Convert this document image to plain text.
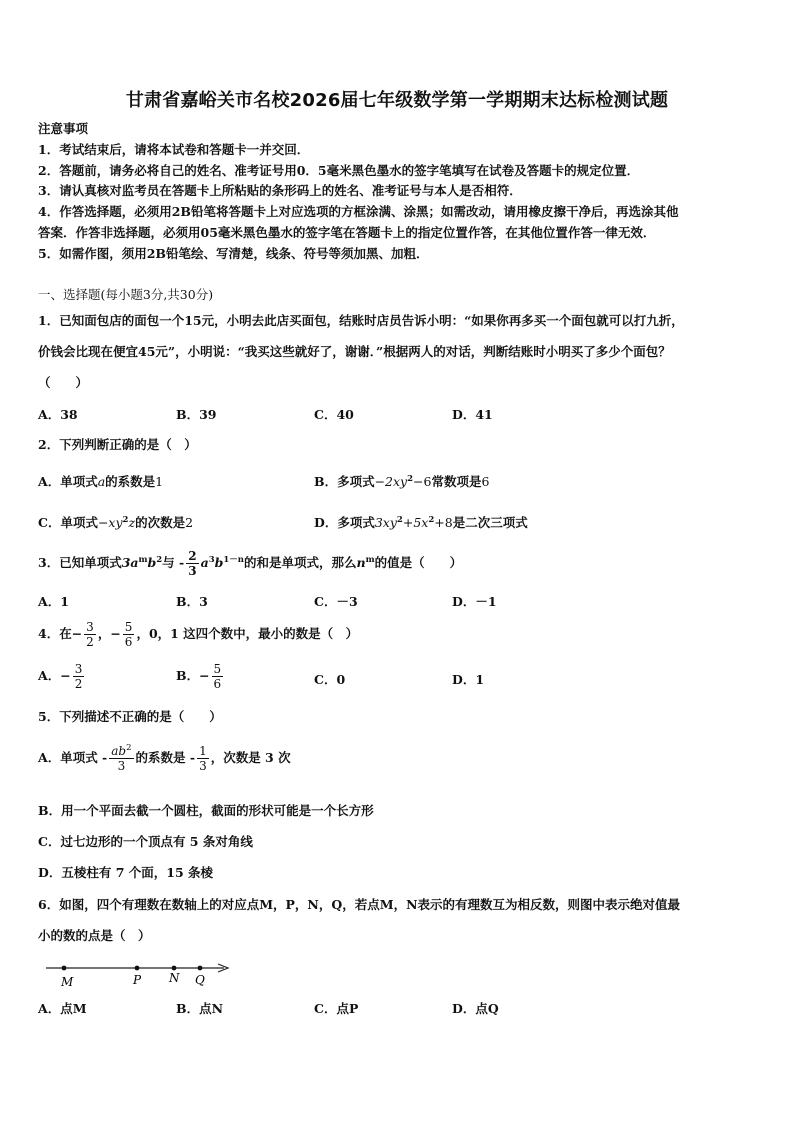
甘肃省嘉峪关市名校2026届七年级数学第一学期期末达标检测试题
注意事项
1．考试结束后，请将本试卷和答题卡一并交回．
2．答题前，请务必将自己的姓名、准考证号用0．5毫米黑色墨水的签字笔填写在试卷及答题卡的规定位置．
3．请认真核对监考员在答题卡上所粘贴的条形码上的姓名、准考证号与本人是否相符．
4．作答选择题，必须用2B铅笔将答题卡上对应选项的方框涂满、涂黑；如需改动，请用橡皮擦干净后，再选涂其他
答案．作答非选择题，必须用05毫米黑色墨水的签字笔在答题卡上的指定位置作答，在其他位置作答一律无效．
5．如需作图，须用2B铅笔绘、写清楚，线条、符号等须加黑、加粗．
一、选择题(每小题3分,共30分)
1．已知面包店的面包一个15元，小明去此店买面包，结账时店员告诉小明：“如果你再多买一个面包就可以打九折，
价钱会比现在便宜45元”，小明说：“我买这些就好了，谢谢．”根据两人的对话，判断结账时小明买了多少个面包？
（　　）
A．38	B．39	C．40	D．41
2．下列判断正确的是（　）
A．单项式a的系数是1	B．多项式$-2xy^2-6$常数项是6
C．单项式$-xy^2z$的次数是2	D．多项式$3xy^2+5x^2+8$是二次三项式
3．已知单项式$3a^mb^2$与 - $\frac{2}{3} a^3b^{1-n}$的和是单项式，那么$n^m$的值是（　　）
A．1	B．3	C．－3	D．－1
4．在− $\frac{3}{2}$ ，− $\frac{5}{6}$ ，0，1 这四个数中，最小的数是（　）
A．− $\frac{3}{2}$	B．− $\frac{5}{6}$	C．0	D．1
5．下列描述不正确的是（　　）
A．单项式 - $\frac{ab^2}{3}$ 的系数是 - $\frac{1}{3}$ ，次数是 3 次
B．用一个平面去截一个圆柱，截面的形状可能是一个长方形
C．过七边形的一个顶点有 5 条对角线
D．五棱柱有 7 个面，15 条棱
6．如图，四个有理数在数轴上的对应点M，P，N，Q，若点M，N表示的有理数互为相反数，则图中表示绝对值最
小的数的点是（　）
M	P N Q
A．点M	B．点N	C．点P	D．点Q
